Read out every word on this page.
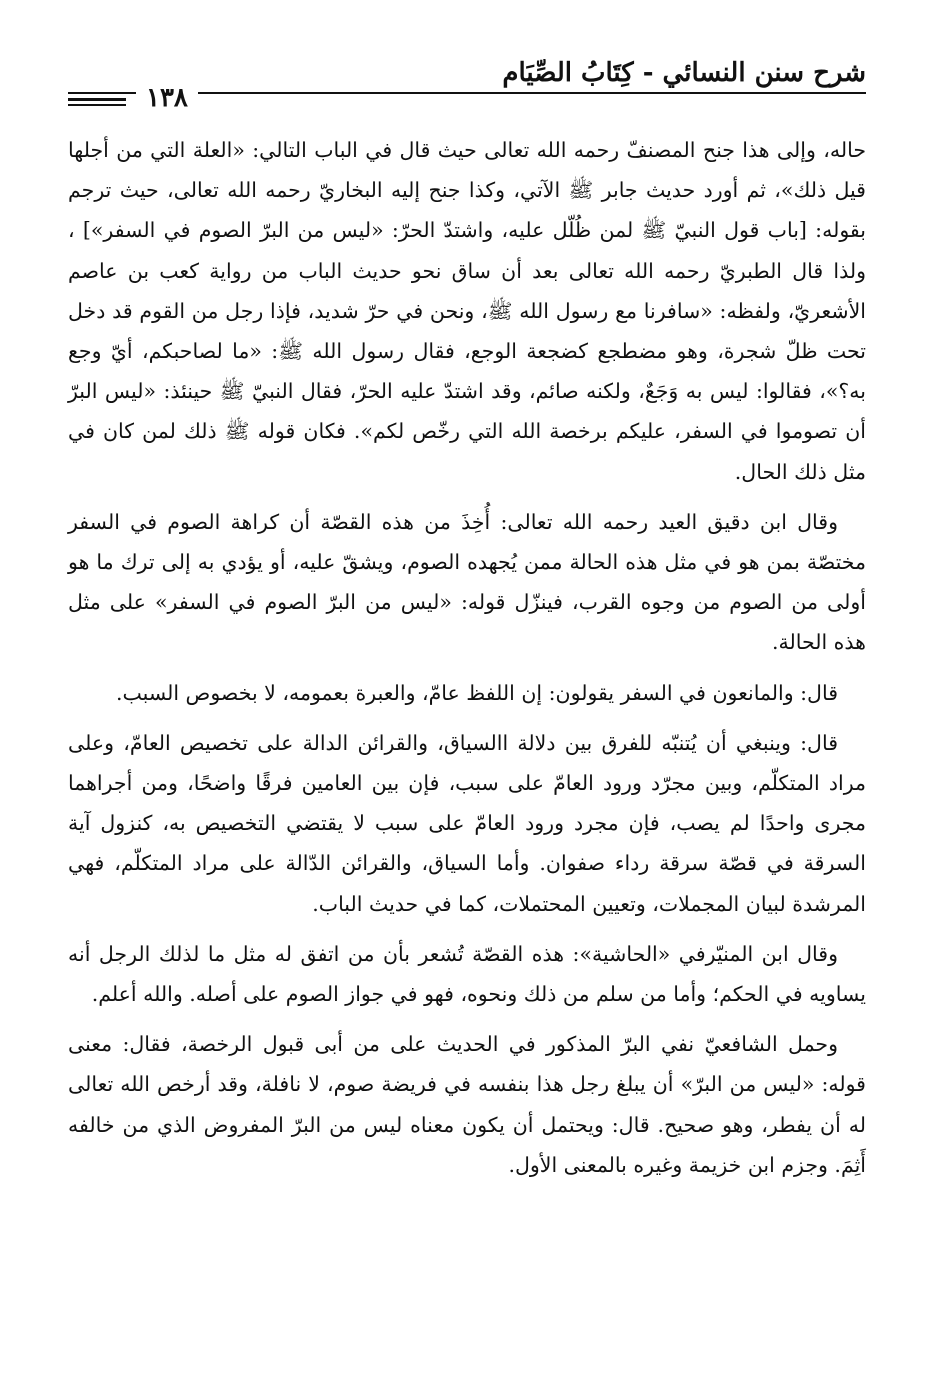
شرح سنن النسائي - كِتَابُ الصِّيَام
١٣٨

حاله، وإلى هذا جنح المصنفّ رحمه الله تعالى حيث قال في الباب التالي: «العلة التي من أجلها قيل ذلك»، ثم أورد حديث جابر ﷺ الآتي، وكذا جنح إليه البخاريّ رحمه الله تعالى، حيث ترجم بقوله: [باب قول النبيّ ﷺ لمن ظُلّل عليه، واشتدّ الحرّ: «ليس من البرّ الصوم في السفر»] ، ولذا قال الطبريّ رحمه الله تعالى بعد أن ساق نحو حديث الباب من رواية كعب بن عاصم الأشعريّ، ولفظه: «سافرنا مع رسول الله ﷺ، ونحن في حرّ شديد، فإذا رجل من القوم قد دخل تحت ظلّ شجرة، وهو مضطجع كضجعة الوجع، فقال رسول الله ﷺ: «ما لصاحبكم، أيّ وجع به؟»، فقالوا: ليس به وَجَعٌ، ولكنه صائم، وقد اشتدّ عليه الحرّ، فقال النبيّ ﷺ حينئذ: «ليس البرّ أن تصوموا في السفر، عليكم برخصة الله التي رخّص لكم». فكان قوله ﷺ ذلك لمن كان في مثل ذلك الحال.

وقال ابن دقيق العيد رحمه الله تعالى: أُخِذَ من هذه القصّة أن كراهة الصوم في السفر مختصّة بمن هو في مثل هذه الحالة ممن يُجهده الصوم، ويشقّ عليه، أو يؤدي به إلى ترك ما هو أولى من الصوم من وجوه القرب، فينزّل قوله: «ليس من البرّ الصوم في السفر» على مثل هذه الحالة.

قال: والمانعون في السفر يقولون: إن اللفظ عامّ، والعبرة بعمومه، لا بخصوص السبب.

قال: وينبغي أن يُتنبّه للفرق بين دلالة االسياق، والقرائن الدالة على تخصيص العامّ، وعلى مراد المتكلّم، وبين مجرّد ورود العامّ على سبب، فإن بين العامين فرقًا واضحًا، ومن أجراهما مجرى واحدًا لم يصب، فإن مجرد ورود العامّ على سبب لا يقتضي التخصيص به، كنزول آية السرقة في قصّة سرقة رداء صفوان. وأما السياق، والقرائن الدّالة على مراد المتكلّم، فهي المرشدة لبيان المجملات، وتعيين المحتملات، كما في حديث الباب.

وقال ابن المنيّرفي «الحاشية»: هذه القصّة تُشعر بأن من اتفق له مثل ما لذلك الرجل أنه يساويه في الحكم؛ وأما من سلم من ذلك ونحوه، فهو في جواز الصوم على أصله. والله أعلم.

وحمل الشافعيّ نفي البرّ المذكور في الحديث على من أبى قبول الرخصة، فقال: معنى قوله: «ليس من البرّ» أن يبلغ رجل هذا بنفسه في فريضة صوم، لا نافلة، وقد أرخص الله تعالى له أن يفطر، وهو صحيح. قال: ويحتمل أن يكون معناه ليس من البرّ المفروض الذي من خالفه أَثِمَ. وجزم ابن خزيمة وغيره بالمعنى الأول.
